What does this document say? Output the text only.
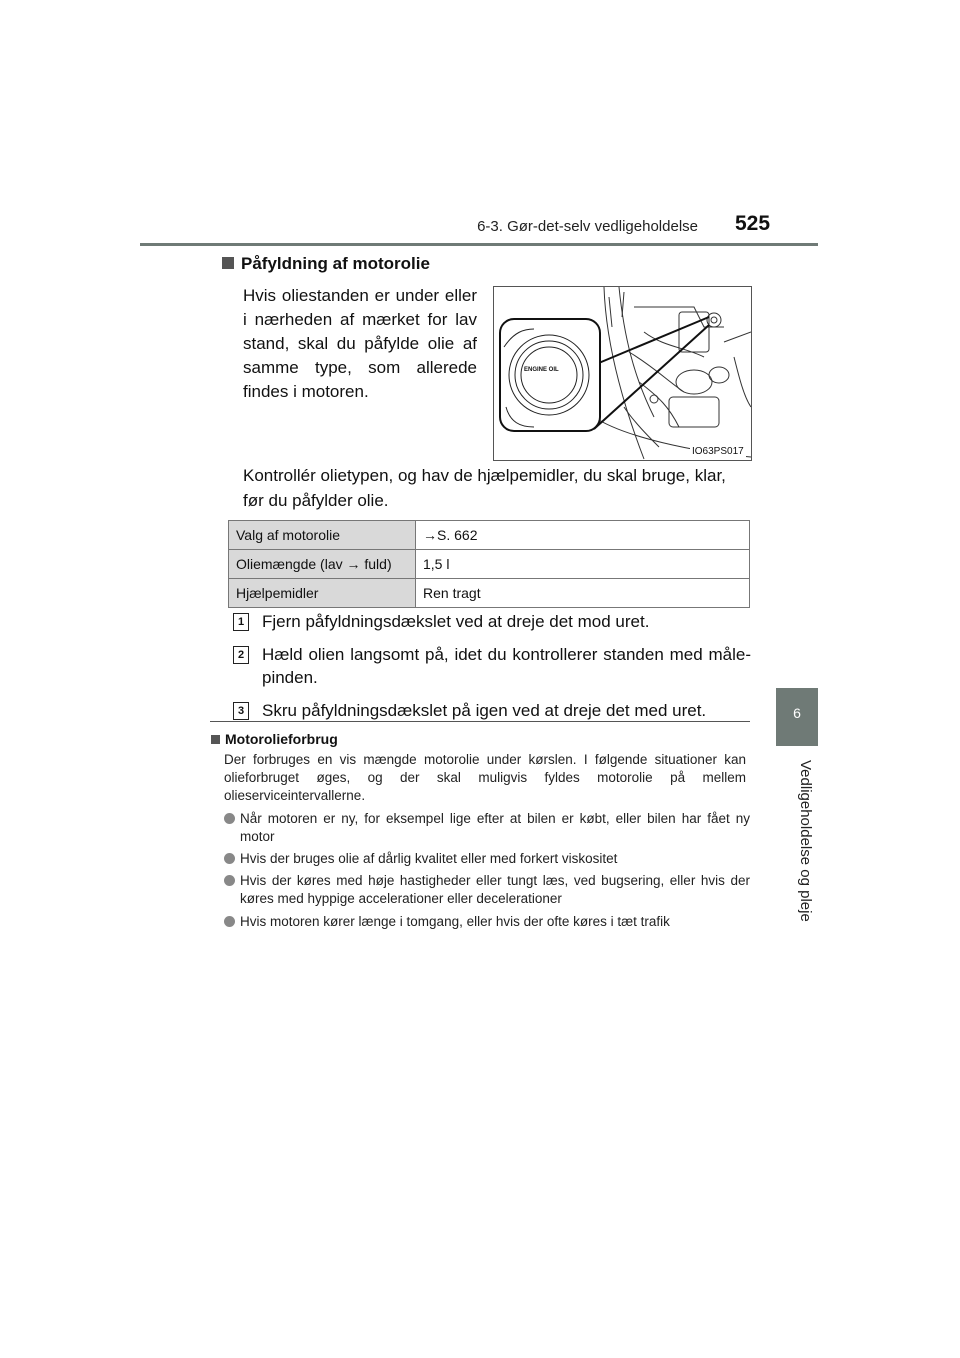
6-3. Gør-det-selv vedligeholdelse 525
6
Vedligeholdelse og pleje
Påfyldning af motorolie
Hvis oliestanden er under eller i nærheden af mærket for lav stand, skal du påfylde olie af samme type, som allerede findes i motoren.
ENGINE OIL
IO63PS017
Kontrollér olietypen, og hav de hjælpemidler, du skal bruge, klar, før du påfylder olie.
Valg af motorolie	→S. 662
Oliemængde (lav → fuld)	1,5 l
Hjælpemidler	Ren tragt
1 Fjern påfyldningsdækslet ved at dreje det mod uret.
2 Hæld olien langsomt på, idet du kontrollerer standen med måle-pinden.
3 Skru påfyldningsdækslet på igen ved at dreje det med uret.
Motorolieforbrug
Der forbruges en vis mængde motorolie under kørslen. I følgende situationer kan olieforbruget øges, og der skal muligvis fyldes motorolie på mellem olieserviceintervallerne.
Når motoren er ny, for eksempel lige efter at bilen er købt, eller bilen har fået ny motor
Hvis der bruges olie af dårlig kvalitet eller med forkert viskositet
Hvis der køres med høje hastigheder eller tungt læs, ved bugsering, eller hvis der køres med hyppige accelerationer eller decelerationer
Hvis motoren kører længe i tomgang, eller hvis der ofte køres i tæt trafik
